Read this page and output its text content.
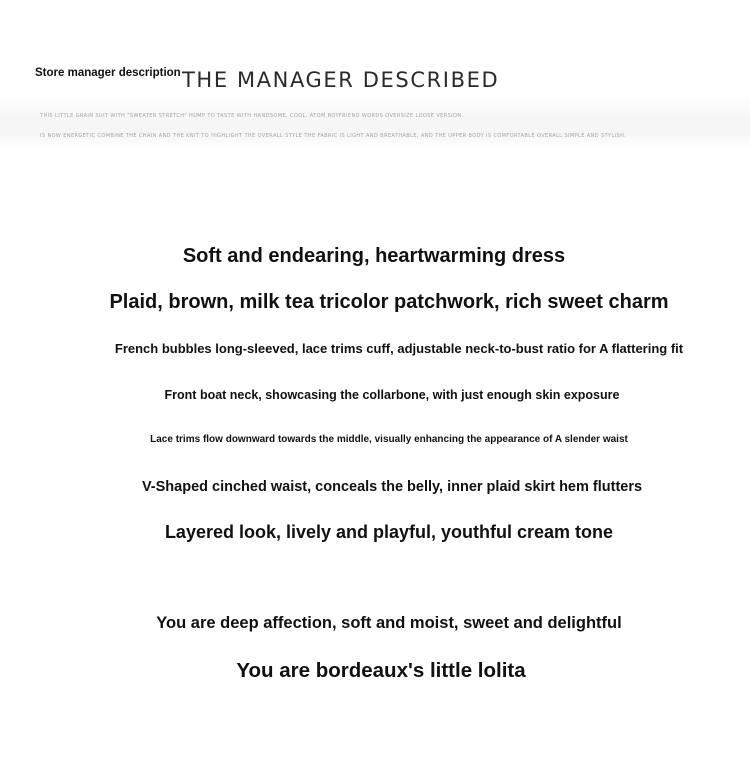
Store manager description THE MANAGER DESCRIBED
THIS LITTLE GRAIN SUIT WITH "SWEATER STRETCH" HUMP TO TASTE WITH HANDSOME, COOL, ATOM BOYFRIEND WORDS OVERSIZE LOOSE VERSION.
IS NOW ENERGETIC COMBINE THE CHAIN AND THE KNIT TO HIGHLIGHT THE OVERALL STYLE THE FABRIC IS LIGHT AND BREATHABLE, AND THE UPPER BODY IS COMFORTABLE OVERALL SIMPLE AND STYLISH.
Soft and endearing, heartwarming dress
Plaid, brown, milk tea tricolor patchwork, rich sweet charm
French bubbles long-sleeved, lace trims cuff, adjustable neck-to-bust ratio for A flattering fit
Front boat neck, showcasing the collarbone, with just enough skin exposure
Lace trims flow downward towards the middle, visually enhancing the appearance of A slender waist
V-Shaped cinched waist, conceals the belly, inner plaid skirt hem flutters
Layered look, lively and playful, youthful cream tone
You are deep affection, soft and moist, sweet and delightful
You are bordeaux's little lolita
